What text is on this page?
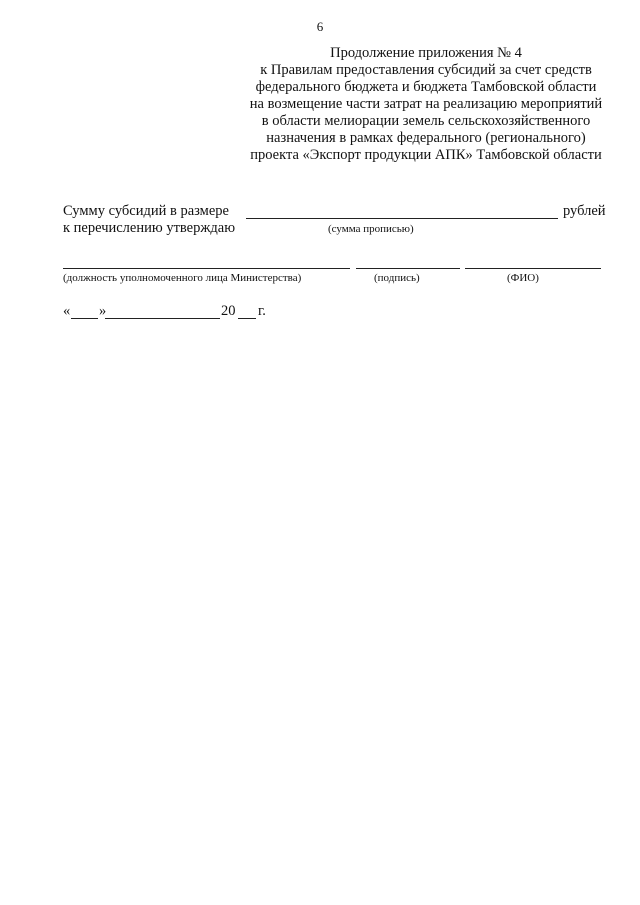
6
Продолжение приложения № 4
к Правилам предоставления субсидий за счет средств
федерального бюджета и бюджета Тамбовской области
на возмещение части затрат на реализацию мероприятий
в области мелиорации земель сельскохозяйственного
назначения в рамках федерального (регионального)
проекта «Экспорт продукции АПК» Тамбовской области
Сумму субсидий в размере	рублей
к перечислению утверждаю	(сумма прописью)
(должность уполномоченного лица Министерства)	(подпись)	(ФИО)
« »	20 г.
